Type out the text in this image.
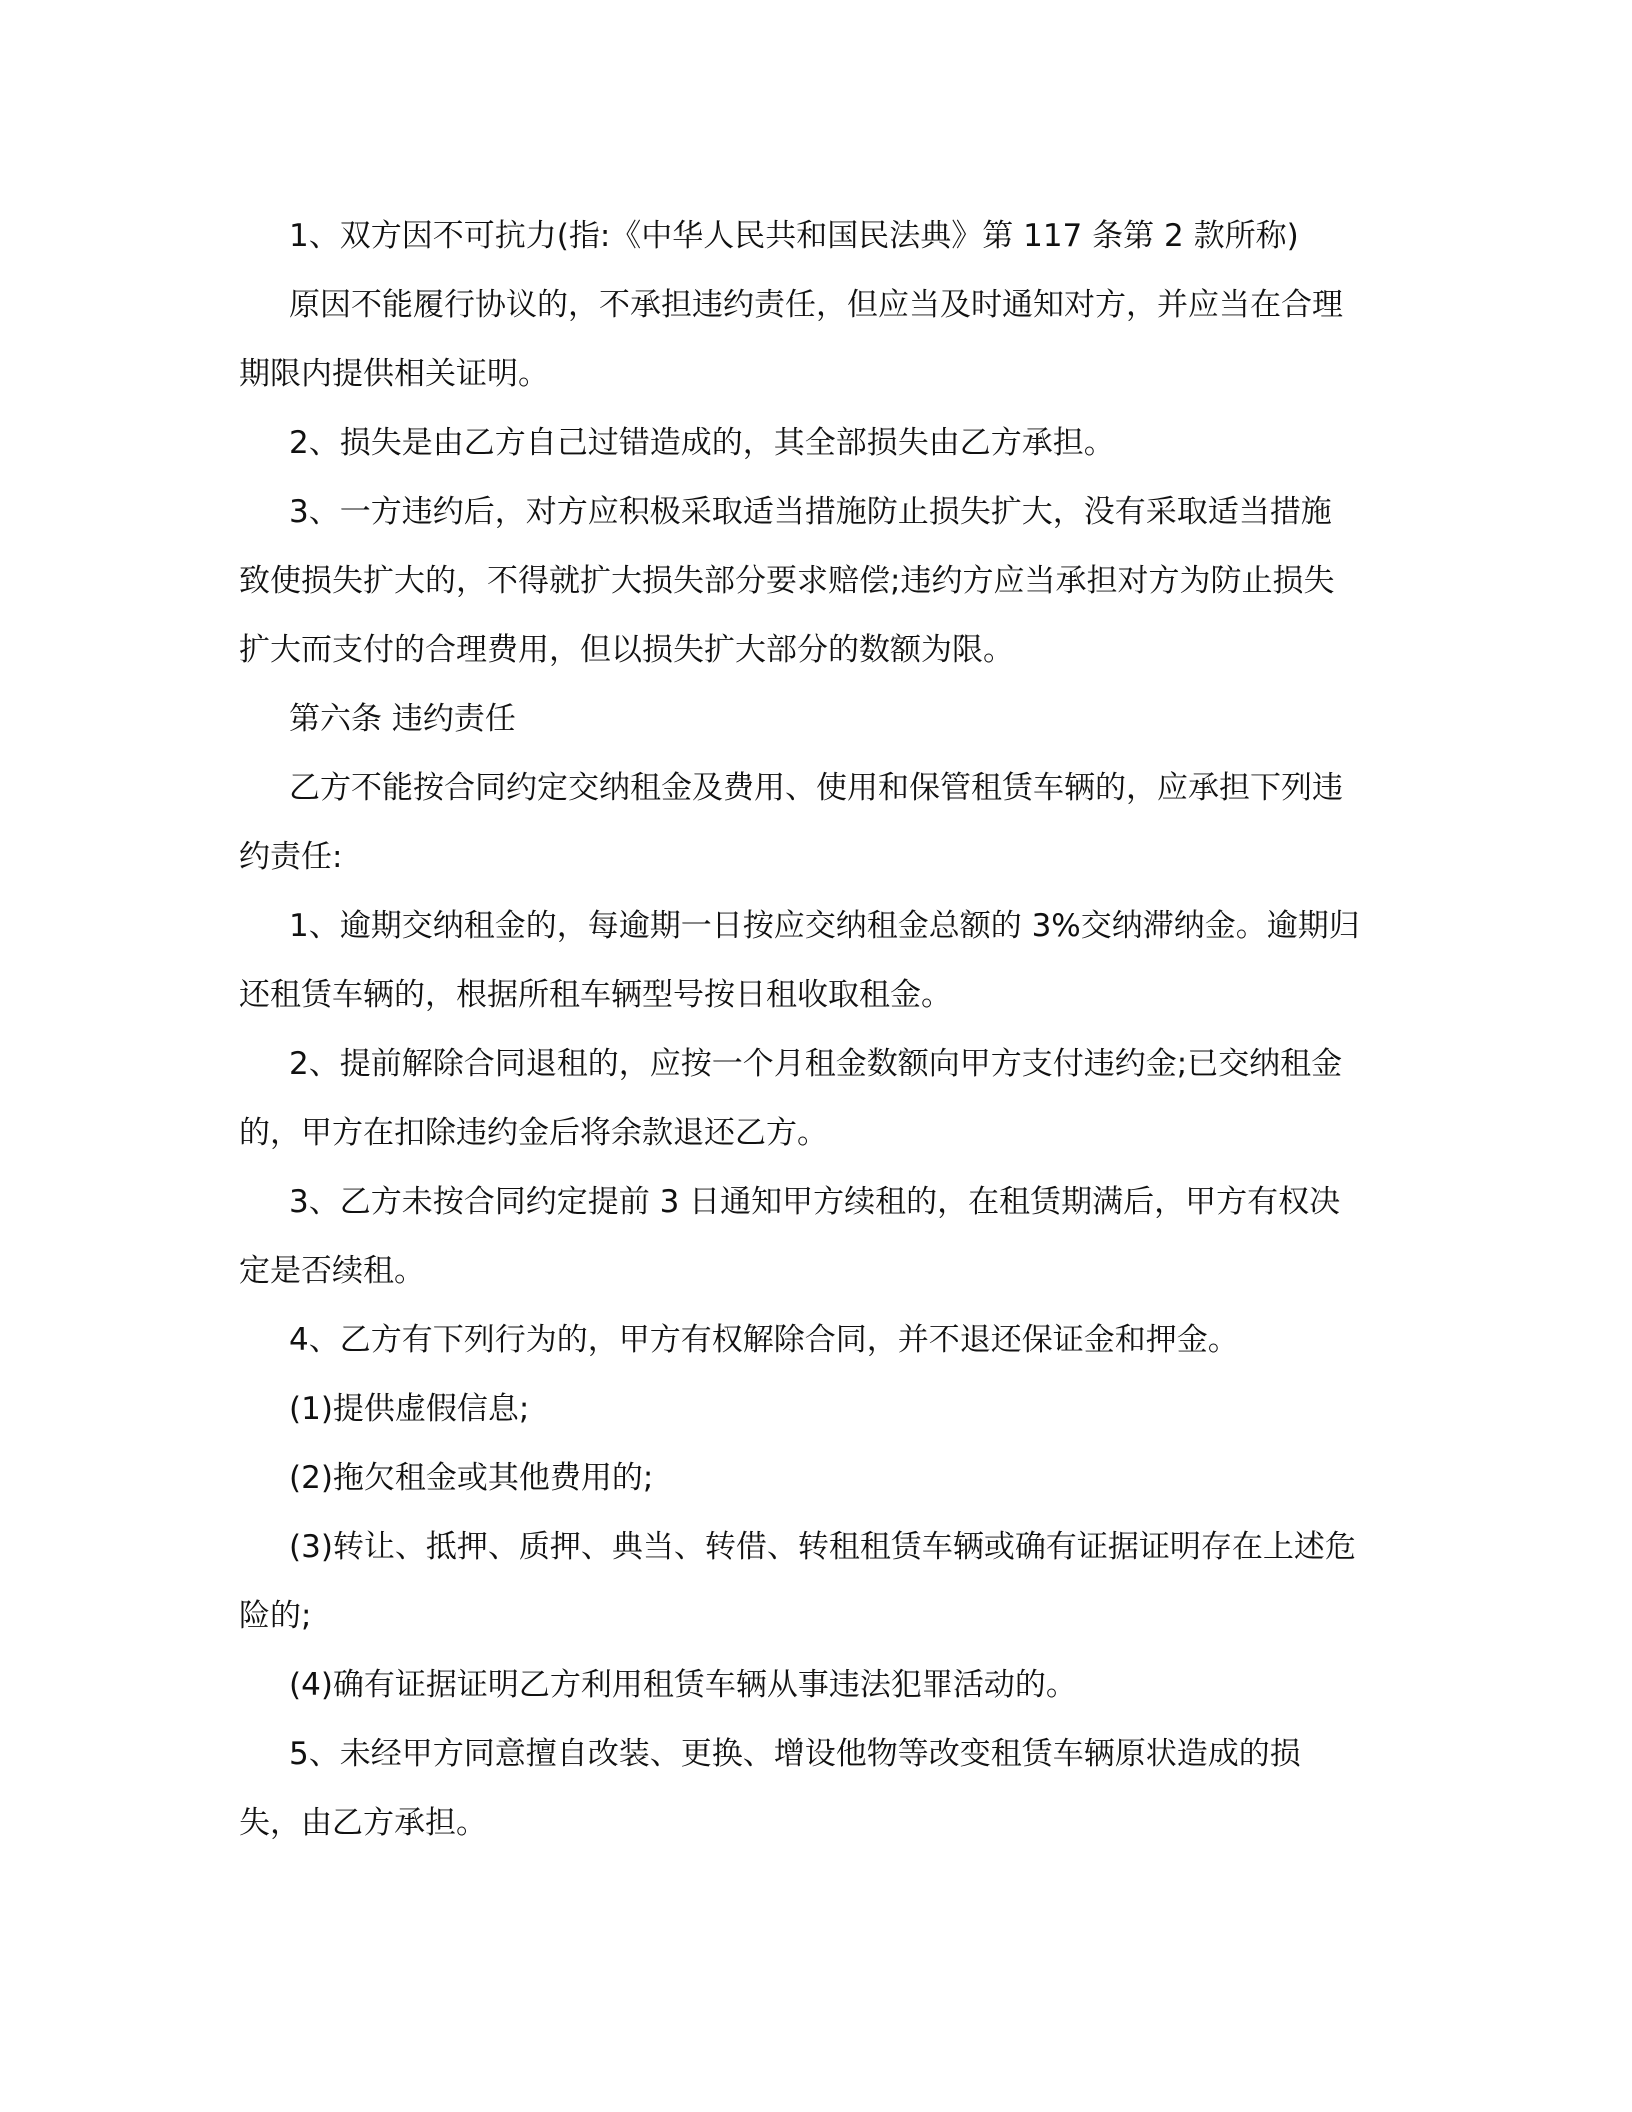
1、双方因不可抗力(指:《中华人民共和国民法典》第 117 条第 2 款所称)
原因不能履行协议的，不承担违约责任，但应当及时通知对方，并应当在合理
期限内提供相关证明。
2、损失是由乙方自己过错造成的，其全部损失由乙方承担。
3、一方违约后，对方应积极采取适当措施防止损失扩大，没有采取适当措施
致使损失扩大的，不得就扩大损失部分要求赔偿;违约方应当承担对方为防止损失
扩大而支付的合理费用，但以损失扩大部分的数额为限。
第六条 违约责任
乙方不能按合同约定交纳租金及费用、使用和保管租赁车辆的，应承担下列违
约责任:
1、逾期交纳租金的，每逾期一日按应交纳租金总额的 3%交纳滞纳金。逾期归
还租赁车辆的，根据所租车辆型号按日租收取租金。
2、提前解除合同退租的，应按一个月租金数额向甲方支付违约金;已交纳租金
的，甲方在扣除违约金后将余款退还乙方。
3、乙方未按合同约定提前 3 日通知甲方续租的，在租赁期满后，甲方有权决
定是否续租。
4、乙方有下列行为的，甲方有权解除合同，并不退还保证金和押金。
(1)提供虚假信息;
(2)拖欠租金或其他费用的;
(3)转让、抵押、质押、典当、转借、转租租赁车辆或确有证据证明存在上述危
险的;
(4)确有证据证明乙方利用租赁车辆从事违法犯罪活动的。
5、未经甲方同意擅自改装、更换、增设他物等改变租赁车辆原状造成的损
失，由乙方承担。
